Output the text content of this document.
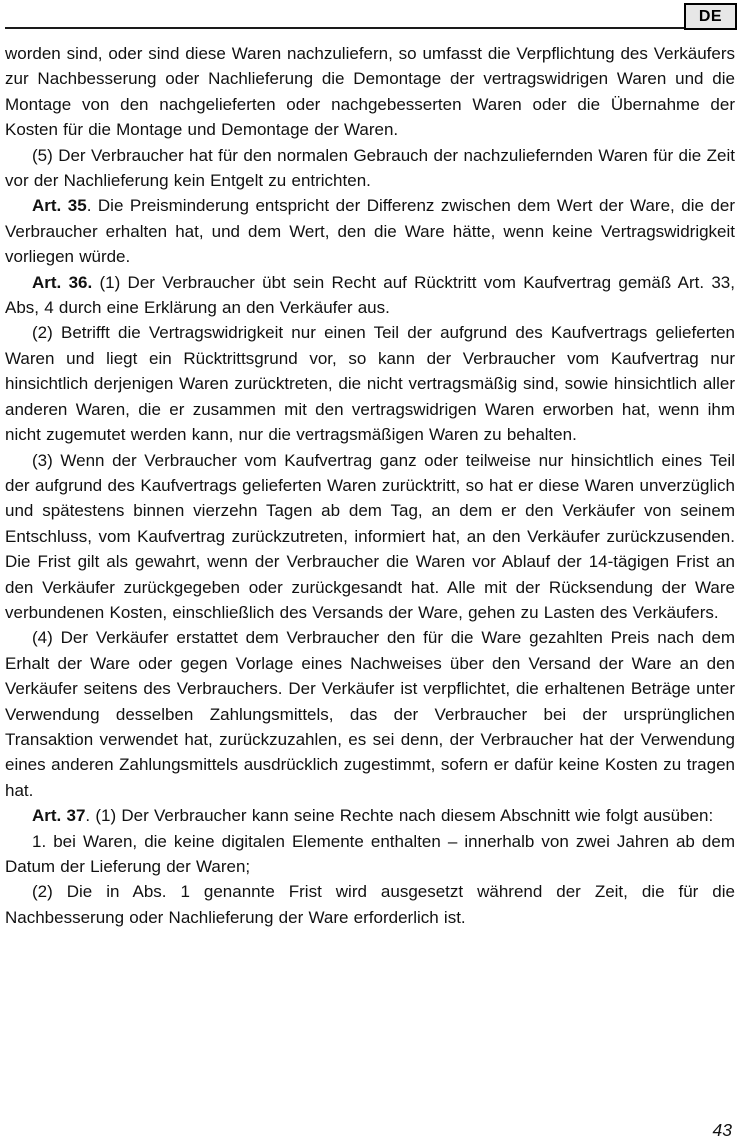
DE

worden sind, oder sind diese Waren nachzuliefern, so umfasst die Verpflichtung des Verkäufers zur Nachbesserung oder Nachlieferung die Demontage der vertragswidrigen Waren und die Montage von den nachgelieferten oder nachgebesserten Waren oder die Übernahme der Kosten für die Montage und Demontage der Waren.

(5) Der Verbraucher hat für den normalen Gebrauch der nachzuliefernden Waren für die Zeit vor der Nachlieferung kein Entgelt zu entrichten.

Art. 35. Die Preisminderung entspricht der Differenz zwischen dem Wert der Ware, die der Verbraucher erhalten hat, und dem Wert, den die Ware hätte, wenn keine Vertragswidrigkeit vorliegen würde.

Art. 36. (1) Der Verbraucher übt sein Recht auf Rücktritt vom Kaufvertrag gemäß Art. 33, Abs, 4 durch eine Erklärung an den Verkäufer aus.

(2) Betrifft die Vertragswidrigkeit nur einen Teil der aufgrund des Kaufvertrags gelieferten Waren und liegt ein Rücktrittsgrund vor, so kann der Verbraucher vom Kaufvertrag nur hinsichtlich derjenigen Waren zurücktreten, die nicht vertragsmäßig sind, sowie hinsichtlich aller anderen Waren, die er zusammen mit den vertragswidrigen Waren erworben hat, wenn ihm nicht zugemutet werden kann, nur die vertragsmäßigen Waren zu behalten.

(3) Wenn der Verbraucher vom Kaufvertrag ganz oder teilweise nur hinsichtlich eines Teil der aufgrund des Kaufvertrags gelieferten Waren zurücktritt, so hat er diese Waren unverzüglich und spätestens binnen vierzehn Tagen ab dem Tag, an dem er den Verkäufer von seinem Entschluss, vom Kaufvertrag zurückzutreten, informiert hat, an den Verkäufer zurückzusenden. Die Frist gilt als gewahrt, wenn der Verbraucher die Waren vor Ablauf der 14-tägigen Frist an den Verkäufer zurückgegeben oder zurückgesandt hat. Alle mit der Rücksendung der Ware verbundenen Kosten, einschließlich des Versands der Ware, gehen zu Lasten des Verkäufers.

(4) Der Verkäufer erstattet dem Verbraucher den für die Ware gezahlten Preis nach dem Erhalt der Ware oder gegen Vorlage eines Nachweises über den Versand der Ware an den Verkäufer seitens des Verbrauchers. Der Verkäufer ist verpflichtet, die erhaltenen Beträge unter Verwendung desselben Zahlungsmittels, das der Verbraucher bei der ursprünglichen Transaktion verwendet hat, zurückzuzahlen, es sei denn, der Verbraucher hat der Verwendung eines anderen Zahlungsmittels ausdrücklich zugestimmt, sofern er dafür keine Kosten zu tragen hat.

Art. 37. (1) Der Verbraucher kann seine Rechte nach diesem Abschnitt wie folgt ausüben:

1. bei Waren, die keine digitalen Elemente enthalten – innerhalb von zwei Jahren ab dem Datum der Lieferung der Waren;

(2) Die in Abs. 1 genannte Frist wird ausgesetzt während der Zeit, die für die Nachbesserung oder Nachlieferung der Ware erforderlich ist.

43
